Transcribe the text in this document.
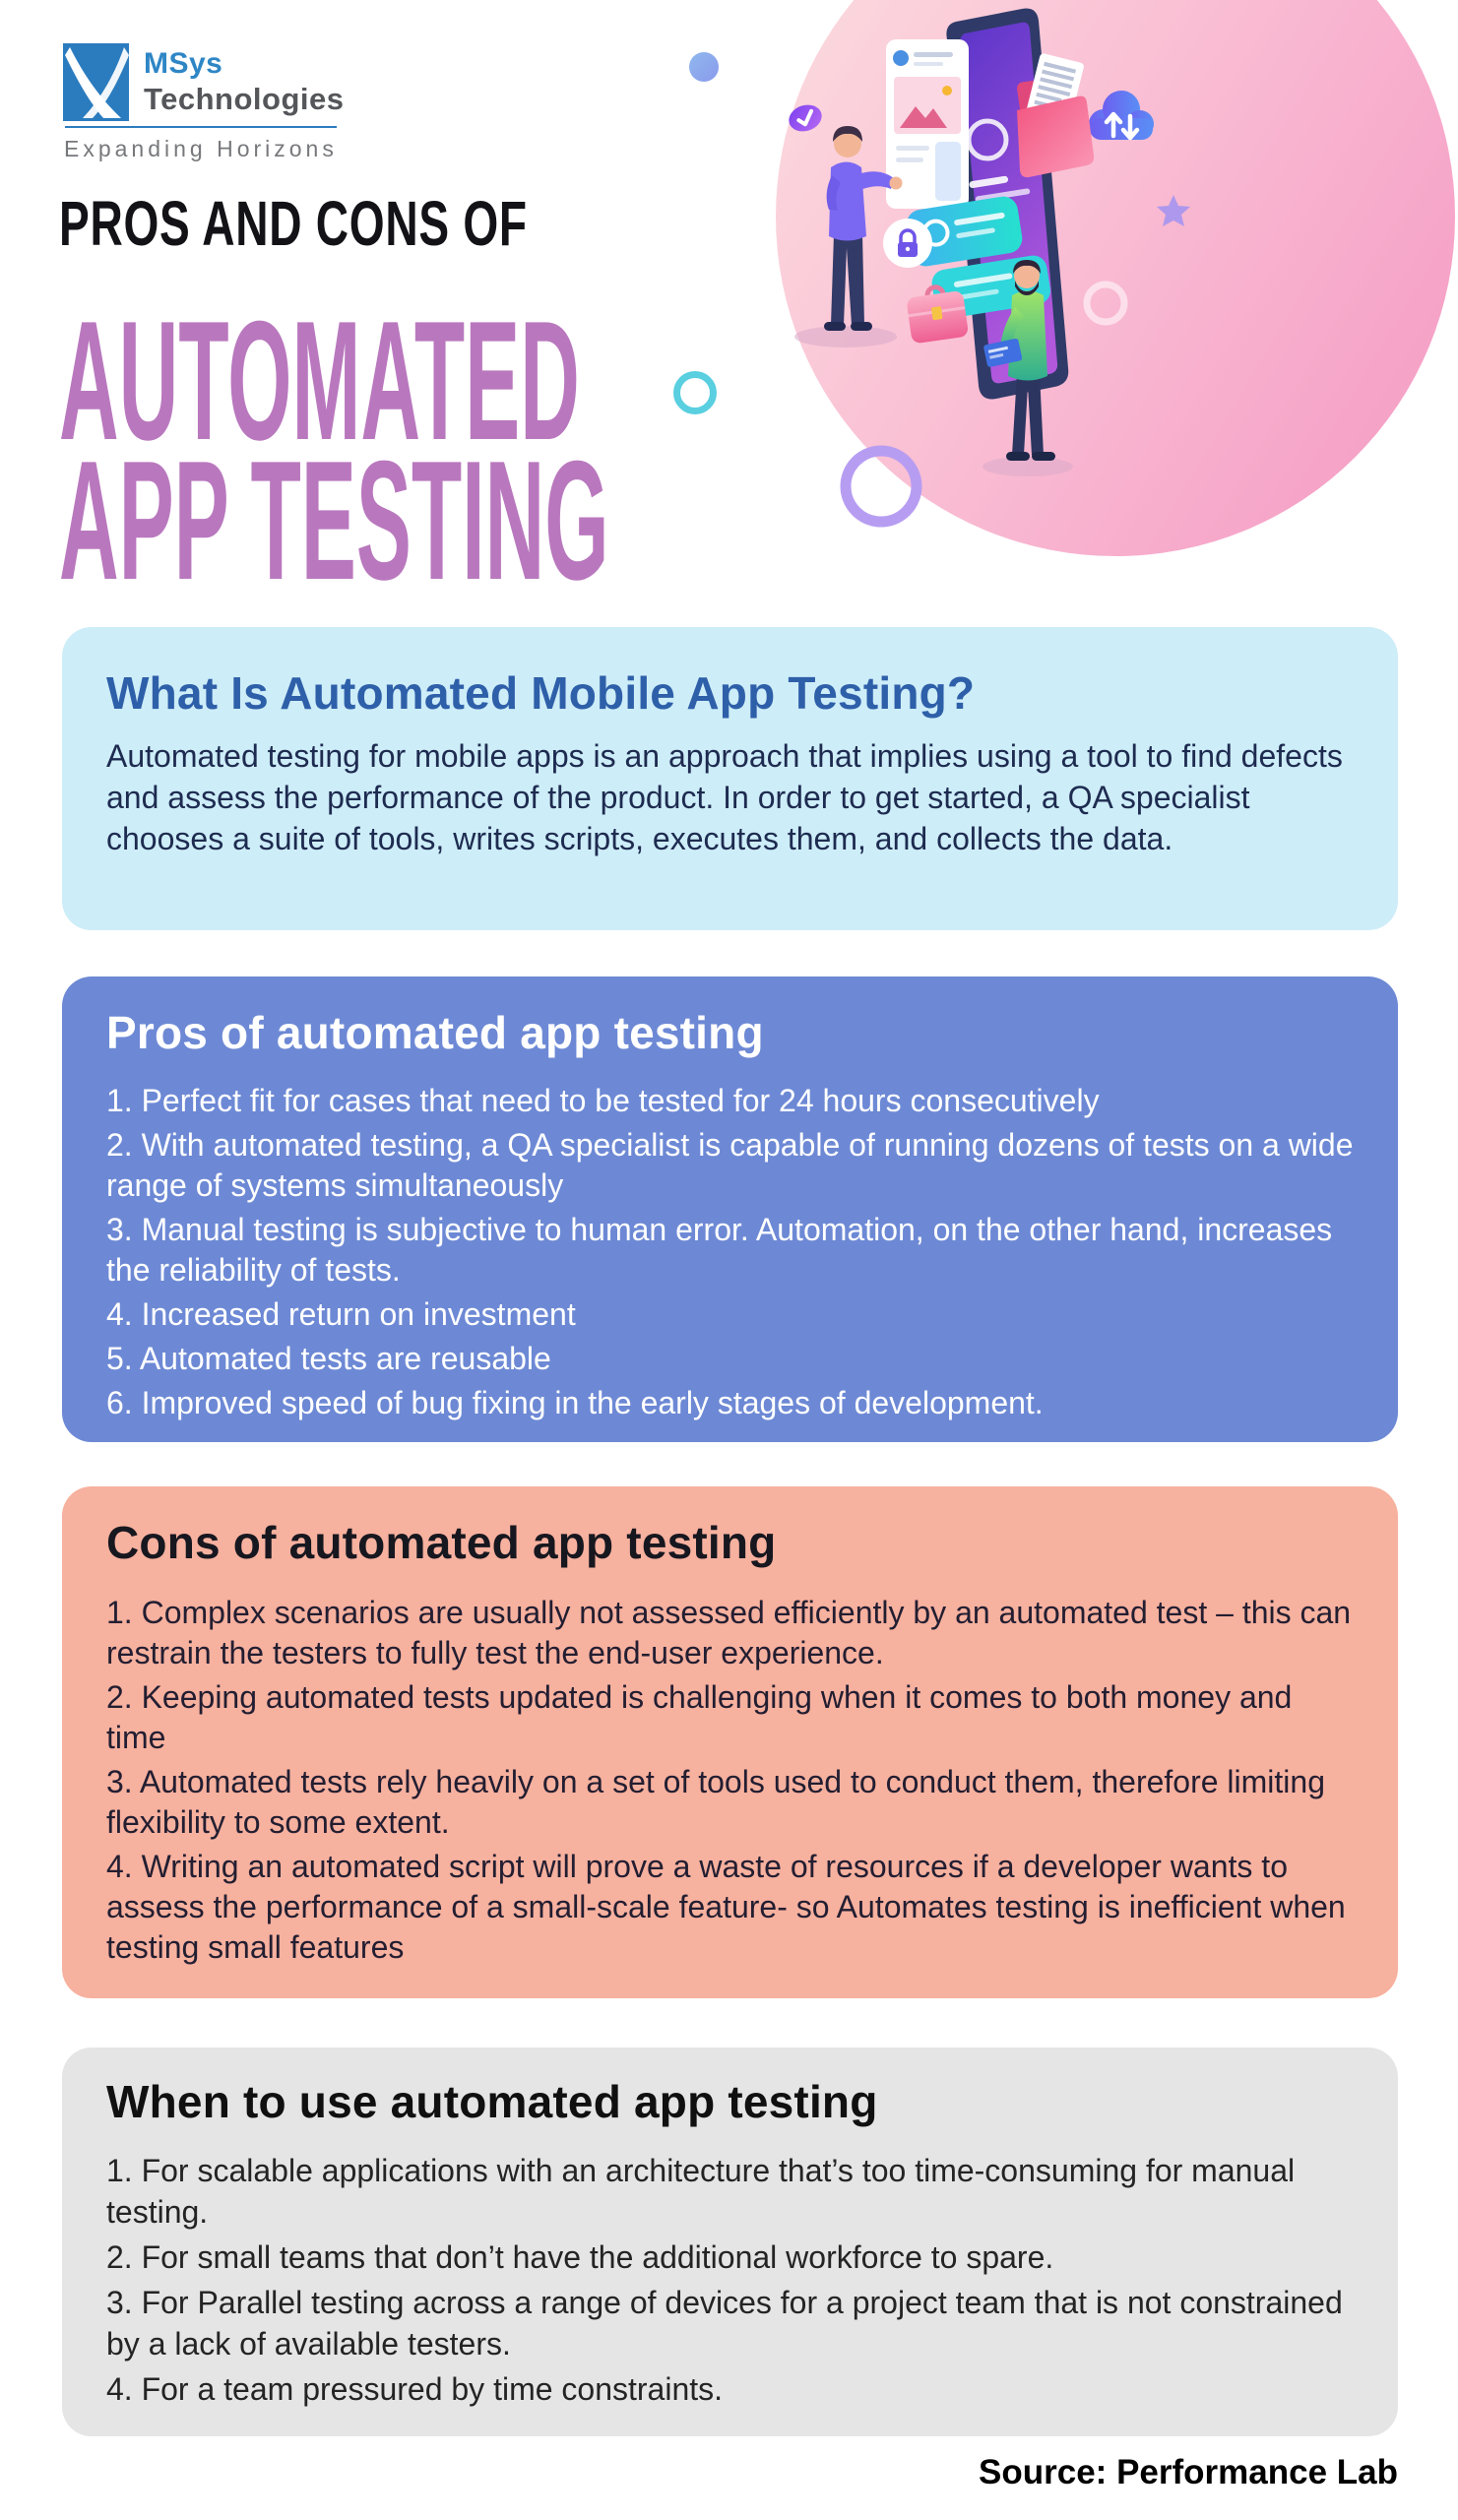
MSys
Technologies
Expanding Horizons
PROS AND CONS OF
AUTOMATED
APP TESTING
What Is Automated Mobile App Testing?

Automated testing for mobile apps is an approach that implies using a tool to find defects and assess the performance of the product. In order to get started, a QA specialist chooses a suite of tools, writes scripts, executes them, and collects the data.

Pros of automated app testing
1. Perfect fit for cases that need to be tested for 24 hours consecutively
2. With automated testing, a QA specialist is capable of running dozens of tests on a wide range of systems simultaneously
3. Manual testing is subjective to human error. Automation, on the other hand, increases the reliability of tests.
4. Increased return on investment
5. Automated tests are reusable
6. Improved speed of bug fixing in the early stages of development.
Cons of automated app testing
1. Complex scenarios are usually not assessed efficiently by an automated test – this can restrain the testers to fully test the end-user experience.
2. Keeping automated tests updated is challenging when it comes to both money and time
3. Automated tests rely heavily on a set of tools used to conduct them, therefore limiting flexibility to some extent.
4. Writing an automated script will prove a waste of resources if a developer wants to assess the performance of a small-scale feature- so Automates testing is inefficient when testing small features
When to use automated app testing
1. For scalable applications with an architecture that’s too time-consuming for manual testing.
2. For small teams that don’t have the additional workforce to spare.
3. For Parallel testing across a range of devices for a project team that is not constrained by a lack of available testers.
4. For a team pressured by time constraints.
Source: Performance Lab
